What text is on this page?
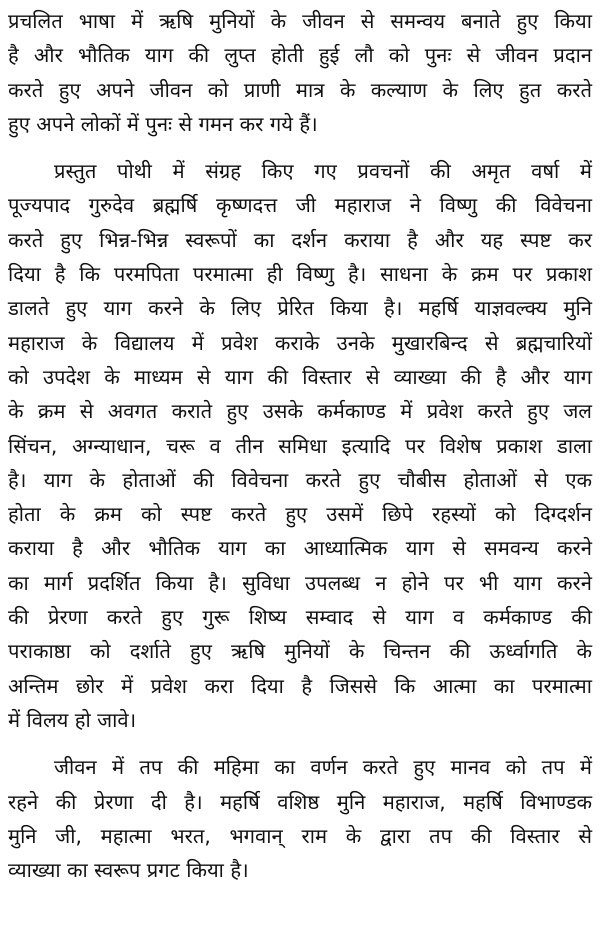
प्रचलित भाषा में ऋषि मुनियों के जीवन से समन्वय बनाते हुए किया
है और भौतिक याग की लुप्त होती हुई लौ को पुनः से जीवन प्रदान
करते हुए अपने जीवन को प्राणी मात्र के कल्याण के लिए हुत करते
हुए अपने लोकों में पुनः से गमन कर गये हैं।
प्रस्तुत पोथी में संग्रह किए गए प्रवचनों की अमृत वर्षा में
पूज्यपाद गुरुदेव ब्रह्मर्षि कृष्णदत्त जी महाराज ने विष्णु की विवेचना
करते हुए भिन्न-भिन्न स्वरूपों का दर्शन कराया है और यह स्पष्ट कर
दिया है कि परमपिता परमात्मा ही विष्णु है। साधना के क्रम पर प्रकाश
डालते हुए याग करने के लिए प्रेरित किया है। महर्षि याज्ञवल्क्य मुनि
महाराज के विद्यालय में प्रवेश कराके उनके मुखारबिन्द से ब्रह्मचारियों
को उपदेश के माध्यम से याग की विस्तार से व्याख्या की है और याग
के क्रम से अवगत कराते हुए उसके कर्मकाण्ड में प्रवेश करते हुए जल
सिंचन, अग्न्याधान, चरू व तीन समिधा इत्यादि पर विशेष प्रकाश डाला
है। याग के होताओं की विवेचना करते हुए चौबीस होताओं से एक
होता के क्रम को स्पष्ट करते हुए उसमें छिपे रहस्यों को दिग्दर्शन
कराया है और भौतिक याग का आध्यात्मिक याग से समवन्य करने
का मार्ग प्रदर्शित किया है। सुविधा उपलब्ध न होने पर भी याग करने
की प्रेरणा करते हुए गुरू शिष्य सम्वाद से याग व कर्मकाण्ड की
पराकाष्ठा को दर्शाते हुए ऋषि मुनियों के चिन्तन की ऊर्ध्वागति के
अन्तिम छोर में प्रवेश करा दिया है जिससे कि आत्मा का परमात्मा
में विलय हो जावे।
जीवन में तप की महिमा का वर्णन करते हुए मानव को तप में
रहने की प्रेरणा दी है। महर्षि वशिष्ठ मुनि महाराज, महर्षि विभाण्डक
मुनि जी, महात्मा भरत, भगवान् राम के द्वारा तप की विस्तार से
व्याख्या का स्वरूप प्रगट किया है।
